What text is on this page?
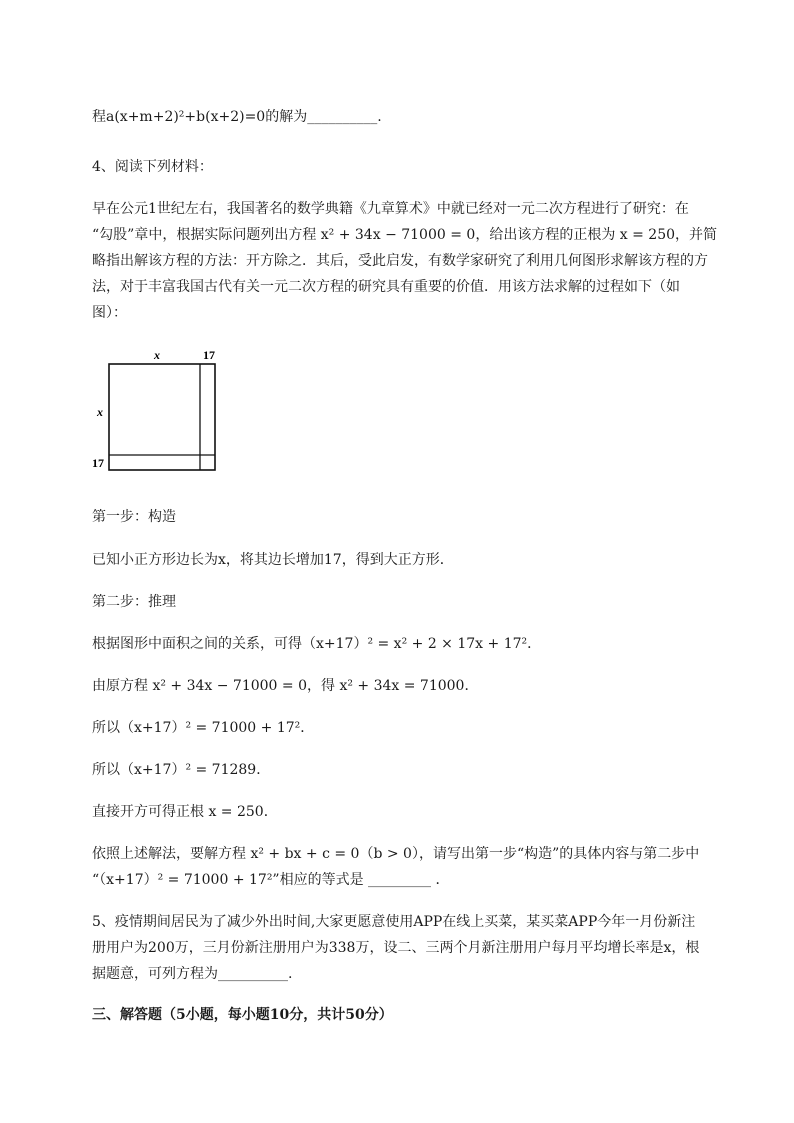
程a(x+m+2)²+b(x+2)=0的解为__________.
4、阅读下列材料：
早在公元1世纪左右，我国著名的数学典籍《九章算术》中就已经对一元二次方程进行了研究：在
“勾股”章中，根据实际问题列出方程 x² + 34x − 71000 = 0，给出该方程的正根为 x = 250，并简
略指出解该方程的方法：开方除之．其后，受此启发，有数学家研究了利用几何图形求解该方程的方
法，对于丰富我国古代有关一元二次方程的研究具有重要的价值．用该方法求解的过程如下（如
图）：
x	17
x
17
第一步：构造
已知小正方形边长为x，将其边长增加17，得到大正方形．
第二步：推理
根据图形中面积之间的关系，可得（x+17）² = x² + 2 × 17x + 17²．
由原方程 x² + 34x − 71000 = 0，得 x² + 34x = 71000．
所以（x+17）² = 71000 + 17²．
所以（x+17）² = 71289．
直接开方可得正根 x = 250．
依照上述解法，要解方程 x² + bx + c = 0（b > 0），请写出第一步“构造”的具体内容与第二步中
“（x+17）² = 71000 + 17²”相应的等式是 _________ ．
5、疫情期间居民为了减少外出时间,大家更愿意使用APP在线上买菜，某买菜APP今年一月份新注
册用户为200万，三月份新注册用户为338万，设二、三两个月新注册用户每月平均增长率是x，根
据题意，可列方程为__________.
三、解答题（5小题，每小题10分，共计50分）
